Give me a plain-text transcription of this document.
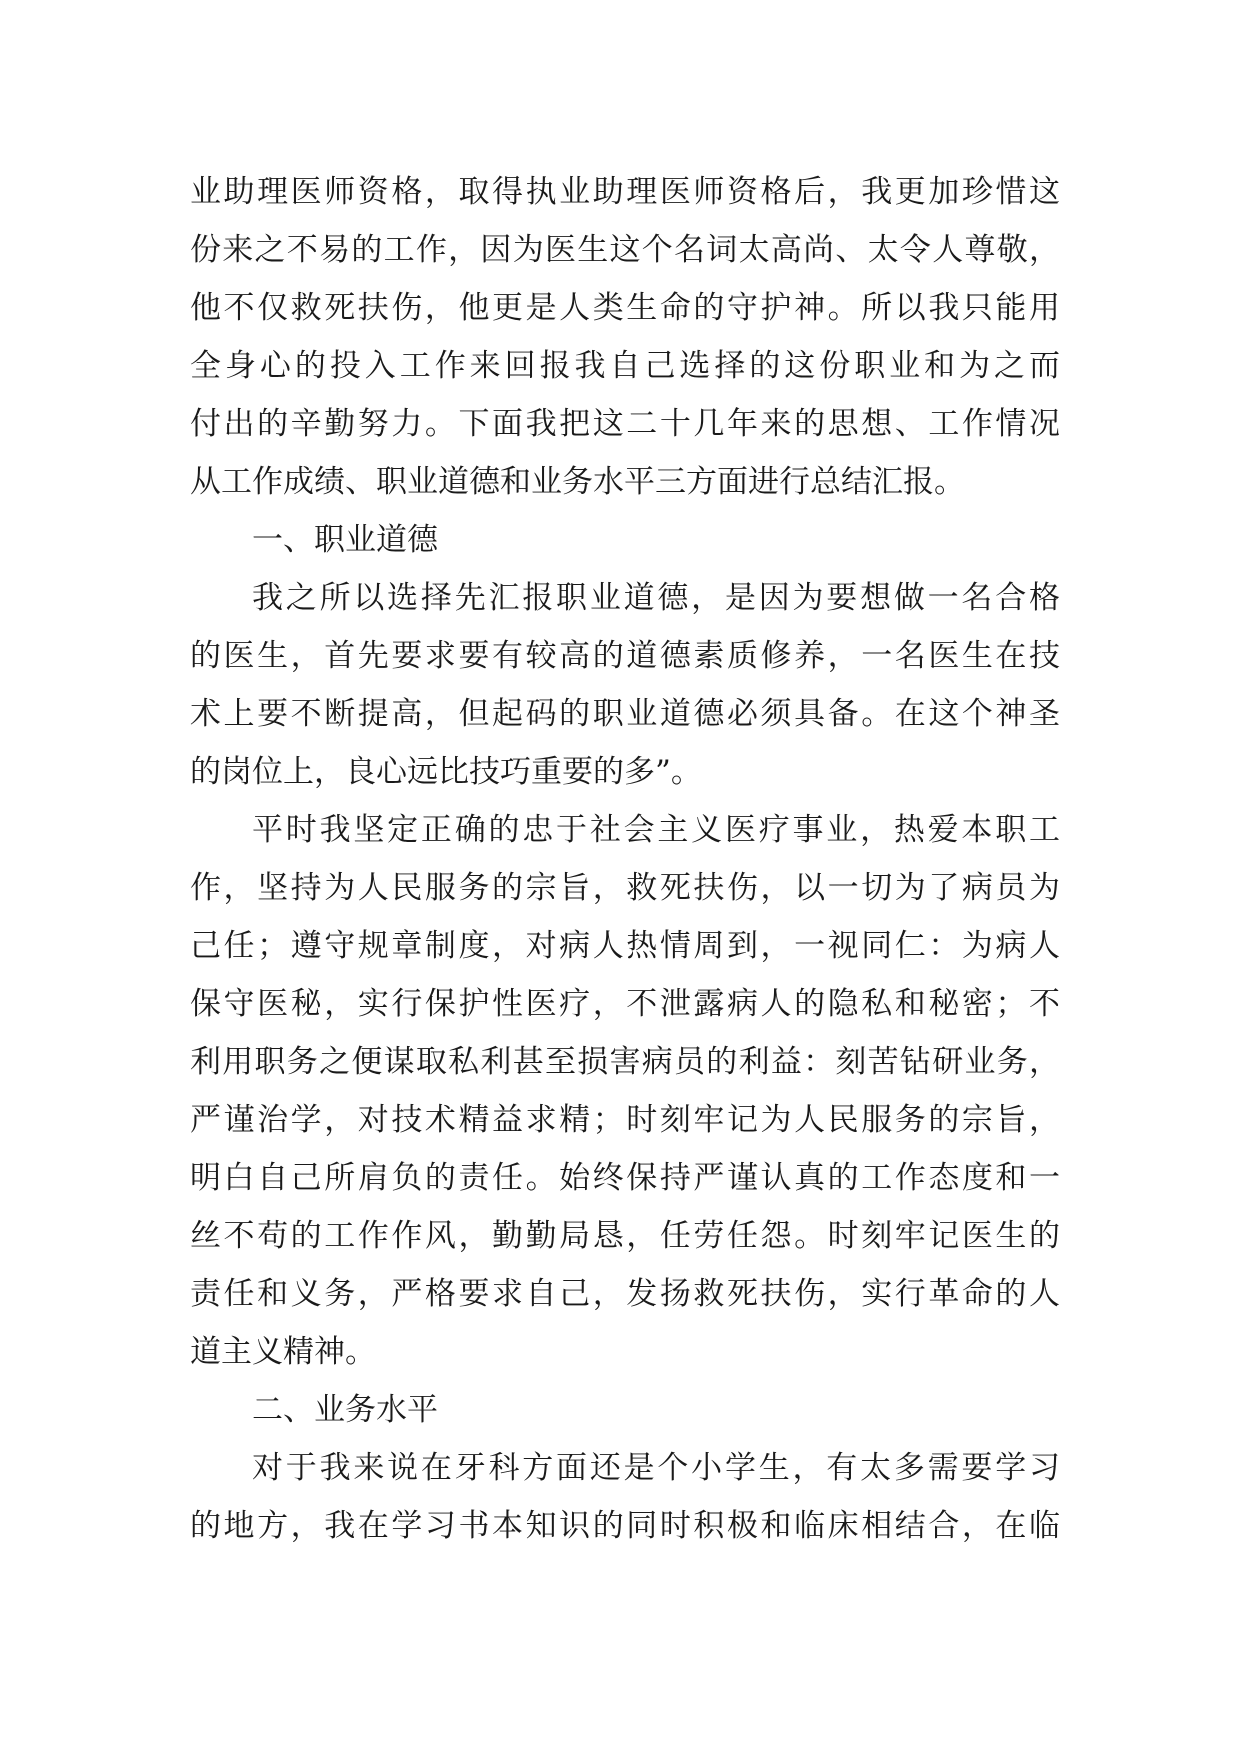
业助理医师资格，取得执业助理医师资格后，我更加珍惜这
份来之不易的工作，因为医生这个名词太高尚、太令人尊敬，
他不仅救死扶伤，他更是人类生命的守护神。所以我只能用
全身心的投入工作来回报我自己选择的这份职业和为之而
付出的辛勤努力。下面我把这二十几年来的思想、工作情况
从工作成绩、职业道德和业务水平三方面进行总结汇报。
一、职业道德
我之所以选择先汇报职业道德，是因为要想做一名合格
的医生，首先要求要有较高的道德素质修养，一名医生在技
术上要不断提高，但起码的职业道德必须具备。在这个神圣
的岗位上，良心远比技巧重要的多”。
平时我坚定正确的忠于社会主义医疗事业，热爱本职工
作，坚持为人民服务的宗旨，救死扶伤，以一切为了病员为
己任；遵守规章制度，对病人热情周到，一视同仁：为病人
保守医秘，实行保护性医疗，不泄露病人的隐私和秘密；不
利用职务之便谋取私利甚至损害病员的利益：刻苦钻研业务，
严谨治学，对技术精益求精；时刻牢记为人民服务的宗旨，
明白自己所肩负的责任。始终保持严谨认真的工作态度和一
丝不苟的工作作风，勤勤局恳，任劳任怨。时刻牢记医生的
责任和义务，严格要求自己，发扬救死扶伤，实行革命的人
道主义精神。
二、业务水平
对于我来说在牙科方面还是个小学生，有太多需要学习
的地方，我在学习书本知识的同时积极和临床相结合，在临
